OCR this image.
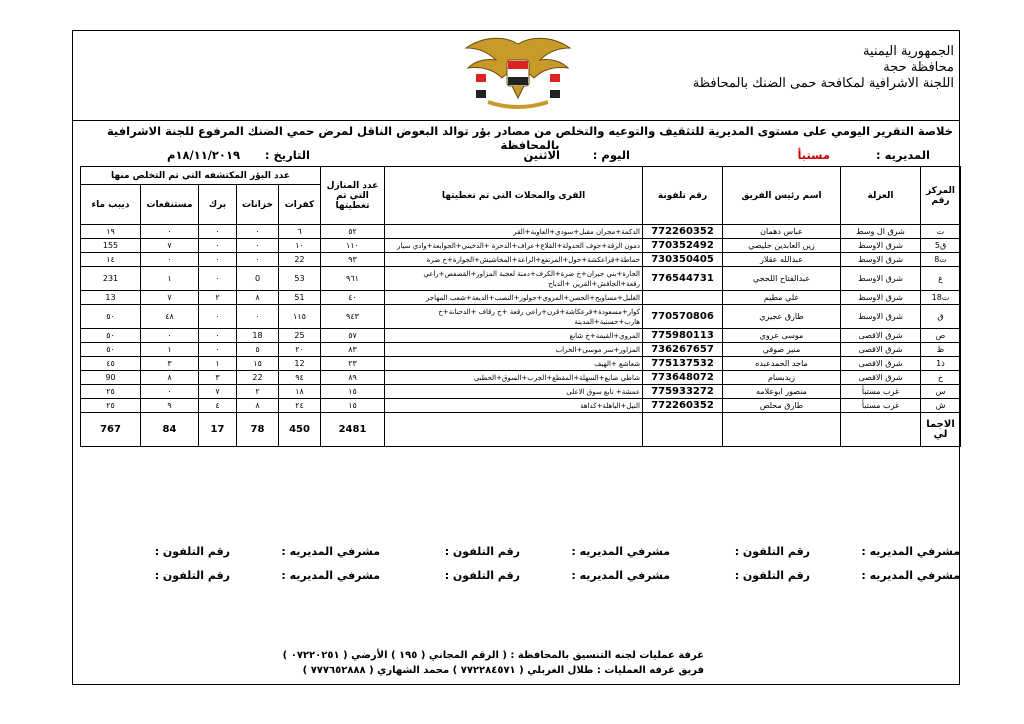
الجمهورية اليمنية
محافظة حجة
اللجنة الاشرافية لمكافحة حمى الضنك بالمحافظة
خلاصة التقرير اليومي على مستوى المديرية للتثقيف والتوعيه والتخلص من مصادر بؤر توالد البعوض الناقل لمرض حمي الضنك المرفوع للجنة الاشرافية بالمحافظة
المديريه :
مستبأ
اليوم :
الاثنين
التاريخ :
١٨/١١/٢٠١٩م
المركز رقم	العزلة	اسم رئيس الفريق	رقم تلفونة	القرى والمحلات التي تم تغطيتها	عدد المنازل التي تم تغطيتها	عدد البؤر المكتشفه التي تم التخلص منها				
						كفرات	خزانات	برك	مستنقعات	ديبب ماء
ت	شرق ال وسط	عباس دهمان	772260352	الدكمة+مجران مقبل+سودي+العاوية+القر	٥٢	٦	٠	٠	٠	١٩
ق5	شرق الاوسط	زين العابدين حليصي	770352492	دمون الرقة+جوف الحدولة+القلاع+عراف+الدحرة +الدخيني+الجوابعة+وادي سيار	١١٠	١٠	٠	٠	٧	155
ت8	شرق الاوسط	عبدالله عقلار	730350405	حماطة+قراعكشة+حول+المرتفع+الراعة+المخاشيش+الجوارة+خ ضرة	٩٣	22	٠	٠	٠	١٤
غ	شرق الاوسط	عبدالفتاح اللحجي	776544731	الجارة+بني جبران+خ ضرة+الكرف+دمنة لعجبة المزاور+القصفص+راعي رقعة+الجافش+القرين +الدباح	٩٦١	53	0	٠	١	231
ت18	شرق الاوسط	علي مطيم		الغليل+مساويح+الحصن+المروي+جولور+النصب+الدبعة+شعب المهاجر	٤٠	51	٨	٢	٧	13
ق	شرق الاوسط	طارق عجيري	770570806	كوار+مسعودة+قرعكاشة+قرن+راعي رقعة +خ رقاف +الدحنانة+خ هارب+حسنية+المدينة	٩٤٣	١١٥	٠	٠	٤٨	٥٠
ص	شرق الاقصى	موسى عروي	775980113	المروي+القيمة+خ شانع	٥٧	25	18	٠	٠	٥٠
ظ	شرق الاقصى	منير صوفي	736267657	المزاور+سر موسى+الخراب	٨٣	٢٠	٥	٠	١	٥٠
ذ1	شرق الاقصى	ماجد الحمدعبده	775137532	شعاشع +الهيف	٢٣	12	١٥	١	٣	٤٥
خ	شرق الاقصى	زيدبسام	773648072	شاطي ضابع+السهلة+المقطع+الجرب+السوق+الحطبي	٨٩	٩٤	22	٣	٨	90
س	غرب مستبأ	منصور ابوعلامه	775933272	عمشة+ تابع سوق الاعلى	١٥	١٨	٢	٧	٠	٢٥
ش	غرب مستبأ	طارق محلص	772260352	النيل+الباهلة+كداهة	١٥	٢٤	٨	٤	٩	٢٥
الاجما لي					2481	450	78	17	84	767
مشرفي المديريه :
رقم التلفون :
مشرفي المديريه :
رقم التلفون :
مشرفي المديريه :
رقم التلفون :
مشرفي المديريه :
رقم التلفون :
مشرفي المديريه :
رقم التلفون :
مشرفي المديريه :
رقم التلفون :
غرفة عمليات لجنه التنسيق بالمحافظة : ( الرقم المجاني ( ١٩٥ ) الأرضي ( ٠٧٢٢٠٢٥١ )
فريق غرفه العمليات : طلال الغربلي ( ٧٧٢٢٨٤٥٧١ ) محمد الشهاري ( ٧٧٧٦٥٢٨٨٨ )
